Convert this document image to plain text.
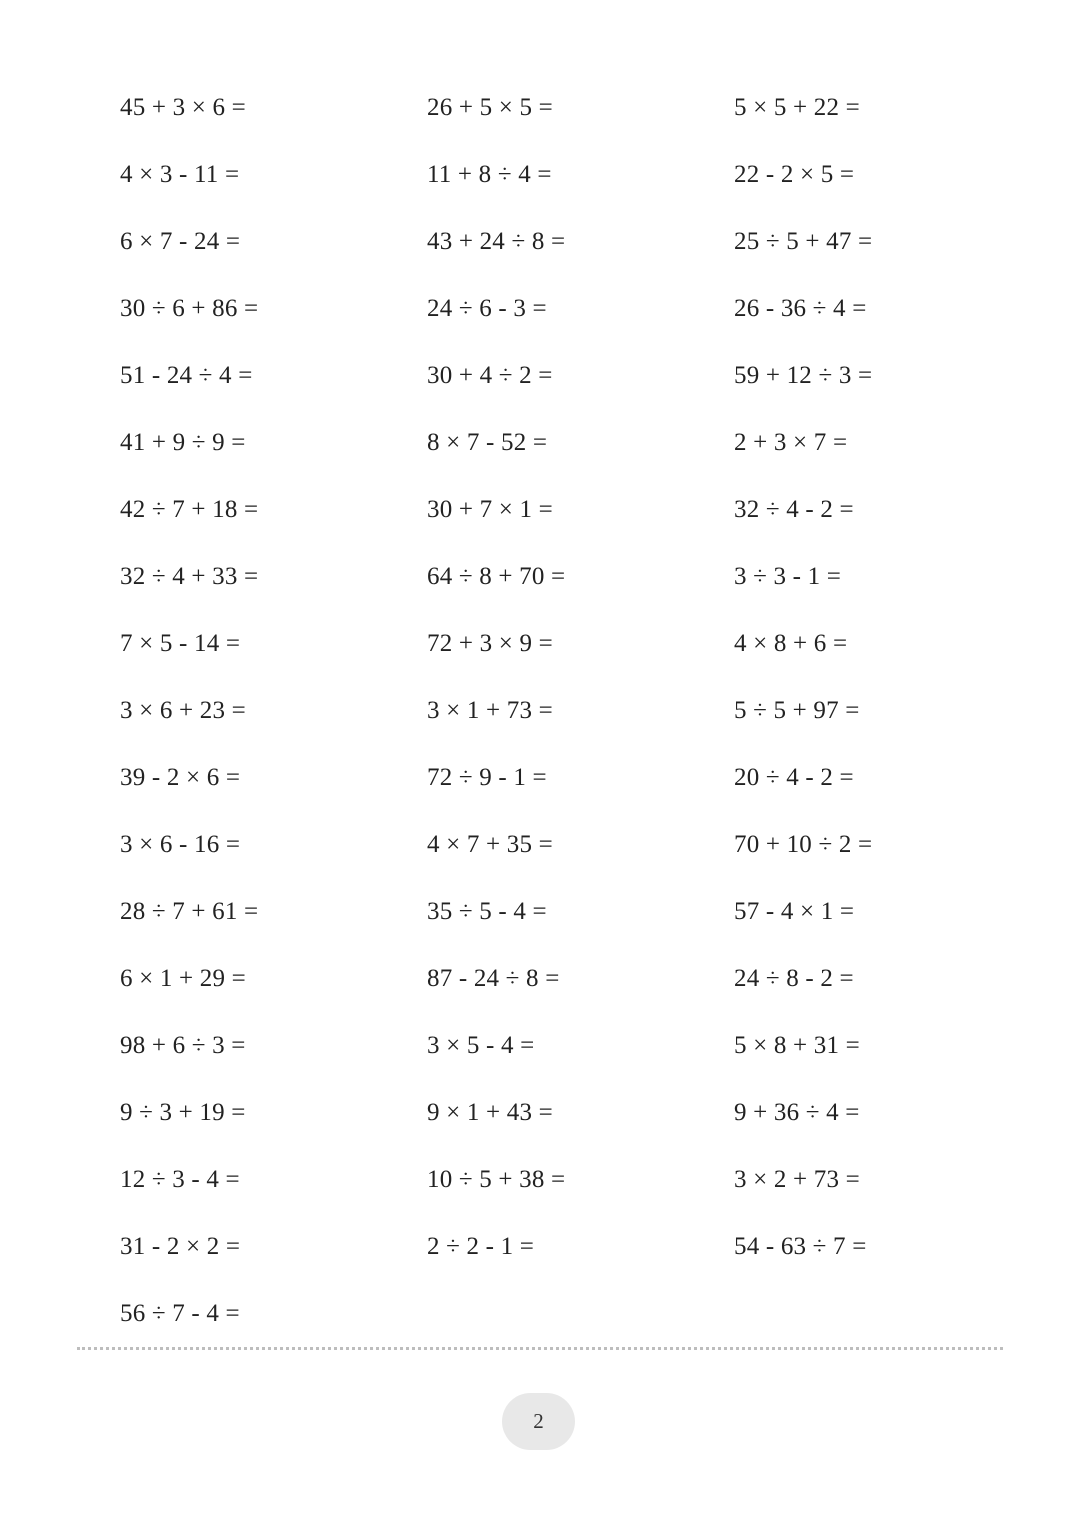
45 + 3 × 6 =
4 × 3 - 11 =
6 × 7 - 24 =
30 ÷ 6 + 86 =
51 - 24 ÷ 4 =
41 + 9 ÷ 9 =
42 ÷ 7 + 18 =
32 ÷ 4 + 33 =
7 × 5 - 14 =
3 × 6 + 23 =
39 - 2 × 6 =
3 × 6 - 16 =
28 ÷ 7 + 61 =
6 × 1 + 29 =
98 + 6 ÷ 3 =
9 ÷ 3 + 19 =
12 ÷ 3 - 4 =
31 - 2 × 2 =
56 ÷ 7 - 4 =
26 + 5 × 5 =
11 + 8 ÷ 4 =
43 + 24 ÷ 8 =
24 ÷ 6 - 3 =
30 + 4 ÷ 2 =
8 × 7 - 52 =
30 + 7 × 1 =
64 ÷ 8 + 70 =
72 + 3 × 9 =
3 × 1 + 73 =
72 ÷ 9 - 1 =
4 × 7 + 35 =
35 ÷ 5 - 4 =
87 - 24 ÷ 8 =
3 × 5 - 4 =
9 × 1 + 43 =
10 ÷ 5 + 38 =
2 ÷ 2 - 1 =
5 × 5 + 22 =
22 - 2 × 5 =
25 ÷ 5 + 47 =
26 - 36 ÷ 4 =
59 + 12 ÷ 3 =
2 + 3 × 7 =
32 ÷ 4 - 2 =
3 ÷ 3 - 1 =
4 × 8 + 6 =
5 ÷ 5 + 97 =
20 ÷ 4 - 2 =
70 + 10 ÷ 2 =
57 - 4 × 1 =
24 ÷ 8 - 2 =
5 × 8 + 31 =
9 + 36 ÷ 4 =
3 × 2 + 73 =
54 - 63 ÷ 7 =
2
